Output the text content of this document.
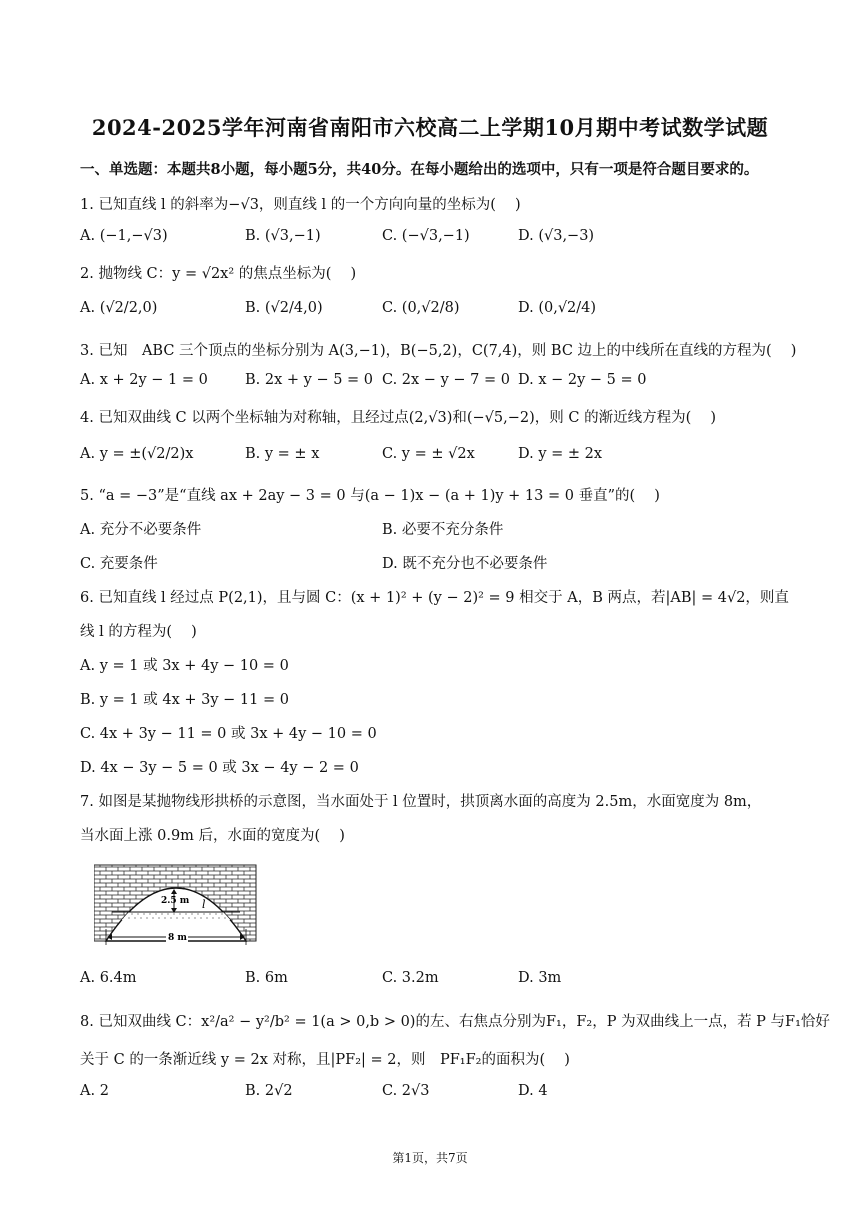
2024-2025学年河南省南阳市六校高二上学期10月期中考试数学试题
一、单选题：本题共8小题，每小题5分，共40分。在每小题给出的选项中，只有一项是符合题目要求的。
1. 已知直线 l 的斜率为−√3，则直线 l 的一个方向向量的坐标为(　 )
A. (−1,−√3)	B. (√3,−1)	C. (−√3,−1)	D. (√3,−3)
2. 抛物线 C：y = √2x² 的焦点坐标为(　 )
A. (√2/2,0)	B. (√2/4,0)	C. (0,√2/8)	D. (0,√2/4)
3. 已知　ABC 三个顶点的坐标分别为 A(3,−1)，B(−5,2)，C(7,4)，则 BC 边上的中线所在直线的方程为(　 )
A. x + 2y − 1 = 0	B. 2x + y − 5 = 0 C. 2x − y − 7 = 0 D. x − 2y − 5 = 0
4. 已知双曲线 C 以两个坐标轴为对称轴，且经过点(2,√3)和(−√5,−2)，则 C 的渐近线方程为(　 )
A. y = ±(√2/2)x	B. y = ± x	C. y = ± √2x	D. y = ± 2x
5. “a = −3”是“直线 ax + 2ay − 3 = 0 与(a − 1)x − (a + 1)y + 13 = 0 垂直”的(　 )
A. 充分不必要条件	B. 必要不充分条件
C. 充要条件	D. 既不充分也不必要条件
6. 已知直线 l 经过点 P(2,1)，且与圆 C：(x + 1)² + (y − 2)² = 9 相交于 A，B 两点，若|AB| = 4√2，则直
线 l 的方程为(　 )
A. y = 1 或 3x + 4y − 10 = 0
B. y = 1 或 4x + 3y − 11 = 0
C. 4x + 3y − 11 = 0 或 3x + 4y − 10 = 0
D. 4x − 3y − 5 = 0 或 3x − 4y − 2 = 0
7. 如图是某抛物线形拱桥的示意图，当水面处于 l 位置时，拱顶离水面的高度为 2.5m，水面宽度为 8m，
当水面上涨 0.9m 后，水面的宽度为(　 )
2.5 m l
8 m
A. 6.4m	B. 6m	C. 3.2m	D. 3m
8. 已知双曲线 C：x²/a² − y²/b² = 1(a > 0,b > 0)的左、右焦点分别为F₁，F₂，P 为双曲线上一点，若 P 与F₁恰好
关于 C 的一条渐近线 y = 2x 对称，且|PF₂| = 2，则　PF₁F₂的面积为(　 )
A. 2	B. 2√2	C. 2√3	D. 4
第1页，共7页
